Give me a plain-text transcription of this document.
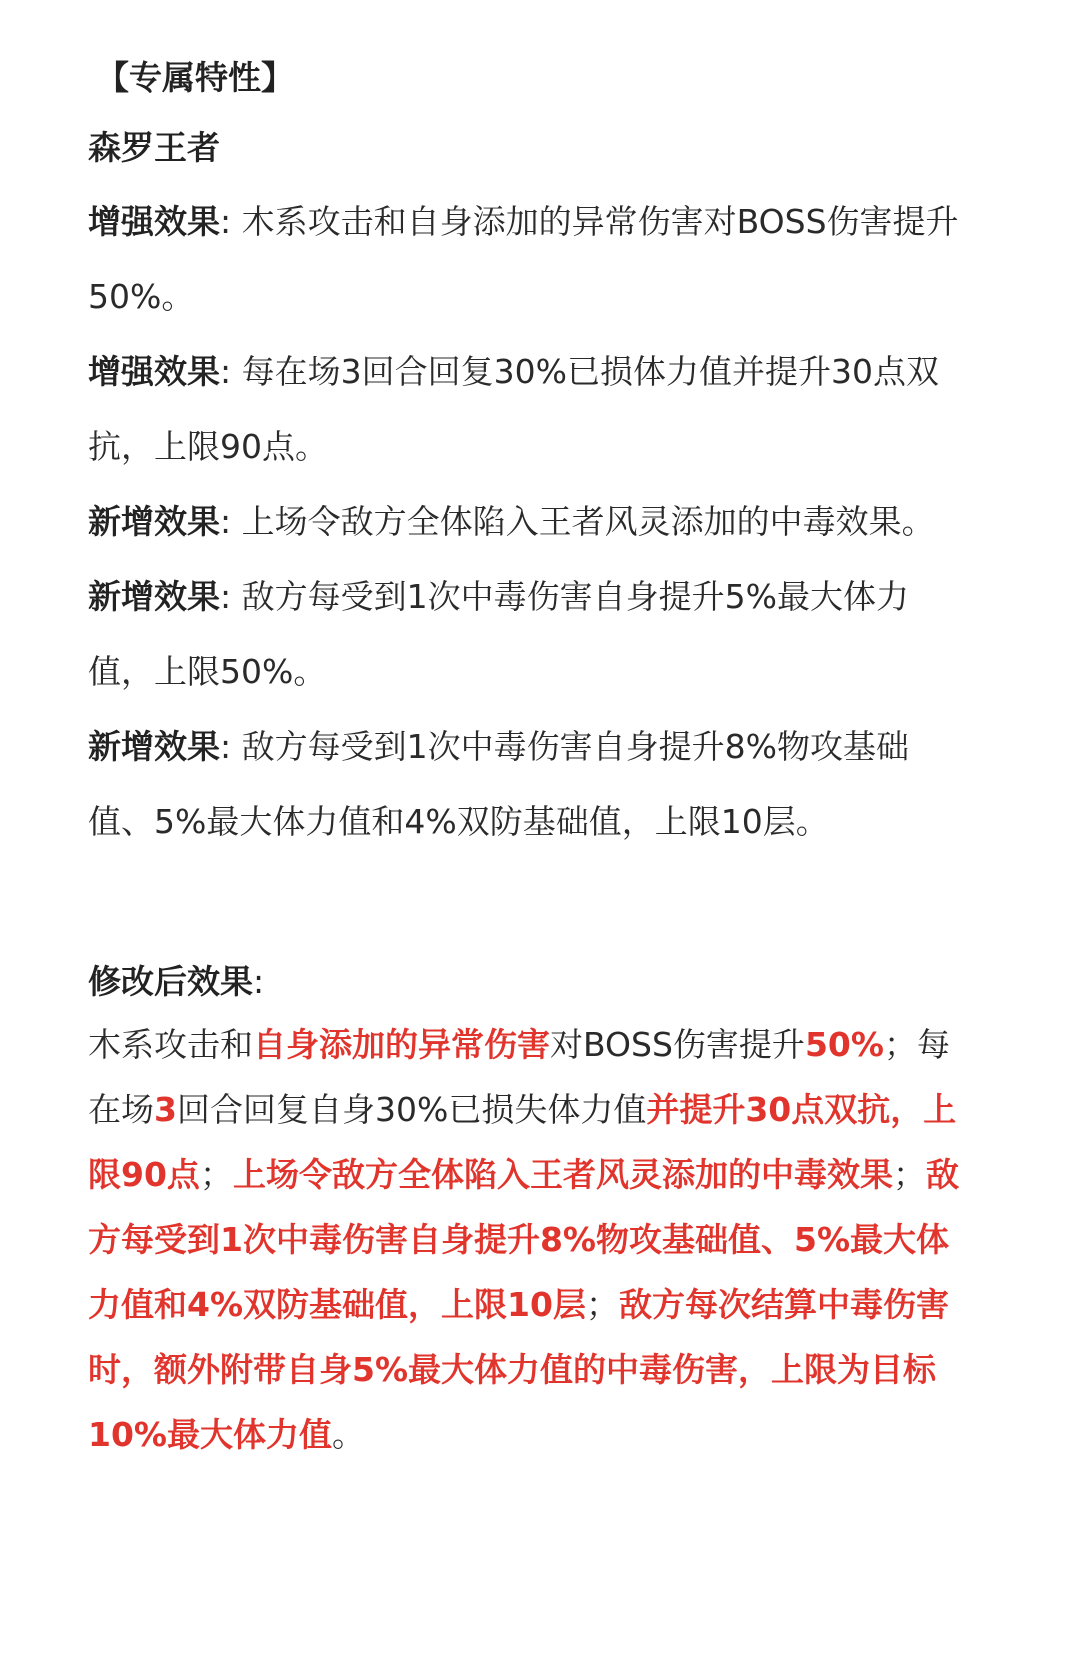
【专属特性】
森罗王者

增强效果: 木系攻击和自身添加的异常伤害对BOSS伤害提升50%。

增强效果: 每在场3回合回复30%已损体力值并提升30点双抗，上限90点。

新增效果: 上场令敌方全体陷入王者风灵添加的中毒效果。

新增效果: 敌方每受到1次中毒伤害自身提升5%最大体力值，上限50%。

新增效果: 敌方每受到1次中毒伤害自身提升8%物攻基础值、5%最大体力值和4%双防基础值，上限10层。

修改后效果:

木系攻击和自身添加的异常伤害对BOSS伤害提升50%；每在场3回合回复自身30%已损失体力值并提升30点双抗，上限90点；上场令敌方全体陷入王者风灵添加的中毒效果；敌方每受到1次中毒伤害自身提升8%物攻基础值、5%最大体力值和4%双防基础值，上限10层；敌方每次结算中毒伤害时，额外附带自身5%最大体力值的中毒伤害，上限为目标10%最大体力值。
